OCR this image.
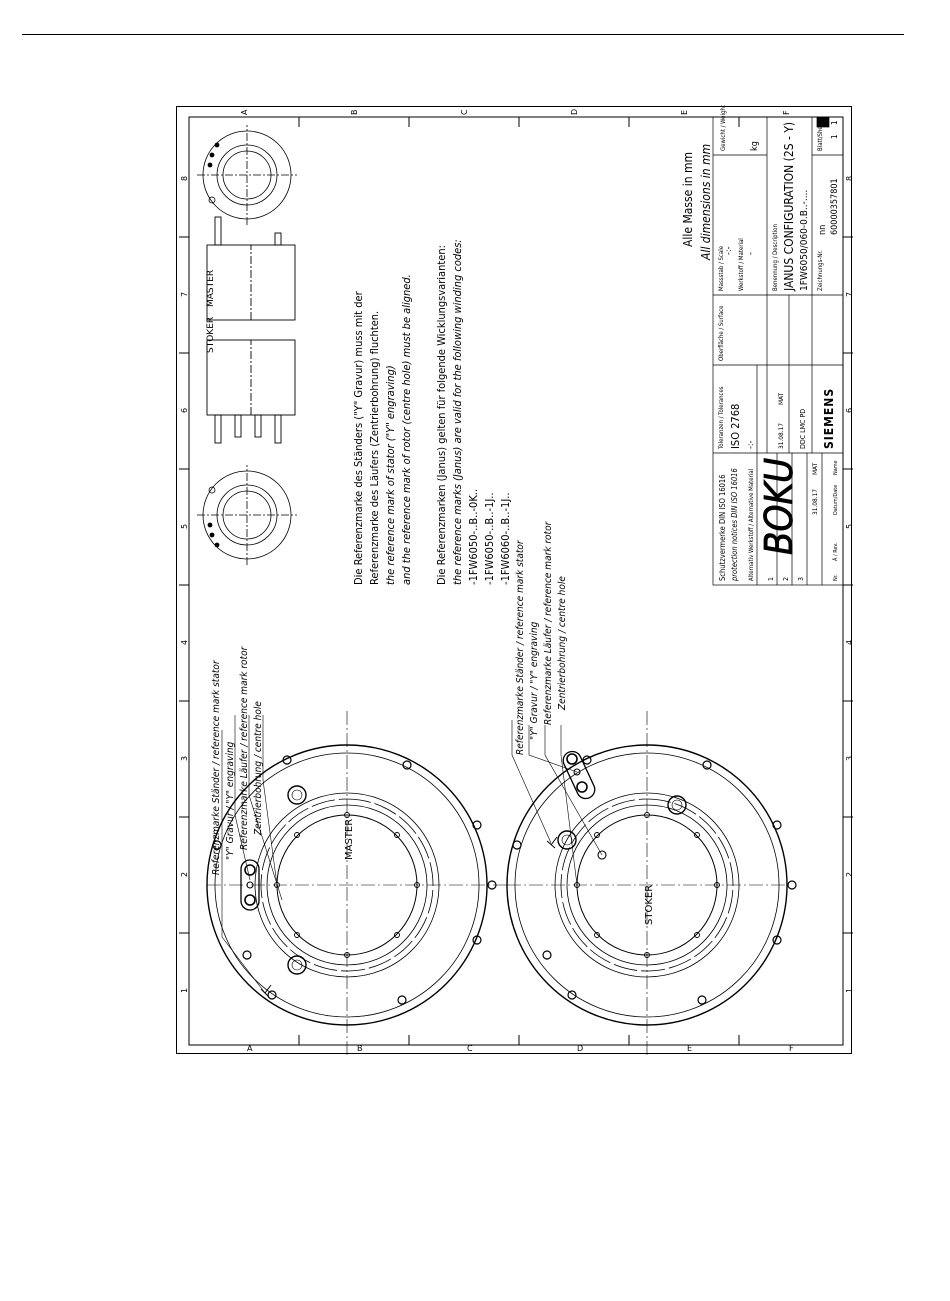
A	B	C	D	E	F
A	B	C	D	E	F
1
2
3
4
5
6
7
8
1
2
3
4
5
6
7
8
MASTER
Referenzmarke Ständer / reference mark stator "Y" Gravur / "Y" engraving Referenzmarke Läufer / reference mark rotor Zentrierbohrung / centre hole
STOKER
Referenzmarke Ständer / reference mark stator "Y" Gravur / "Y" engraving Referenzmarke Läufer / reference mark rotor Zentrierbohrung / centre hole
STOKER
MASTER
Die Referenzmarke des Ständers ("Y" Gravur) muss mit der Referenzmarke des Läufers (Zentrierbohrung) fluchten. the reference mark of stator ("Y" engraving) and the reference mark of rotor (centre hole) must be aligned. Die Referenzmarken (Janus) gelten für folgende Wicklungsvarianten: the reference marks (Janus) are valid for the following winding codes: -1FW6050-..B..-0K.. -1FW6050-..B..-1J.. -1FW6060-..B..-1J..
Alle Masse in mm All dimensions in mm
Schutzvermerke DIN ISO 16016 protection notices DIN ISO 16016 Alternativ Werkstoff / Alternative Material 1 2 3	Nr.
Ä / Rev.
Datum/Date
Name
31.08.17
MAT
Toleranzen / Tolerances ISO 2768 -:-	31.08.17
MAT
DDC LMC PD SIEMENS
Oberfläche / Surface
Massstab / Scale -:- Werkstoff / Material -
Gewicht / Weight	kg
Benennung / Description JANUS CONFIGURATION (2S - Y) 1FW6050/060-0.B..-.... Zeichnungs-Nr.
nn 60000357801
Blatt/Sheet 1
1
BOKU
